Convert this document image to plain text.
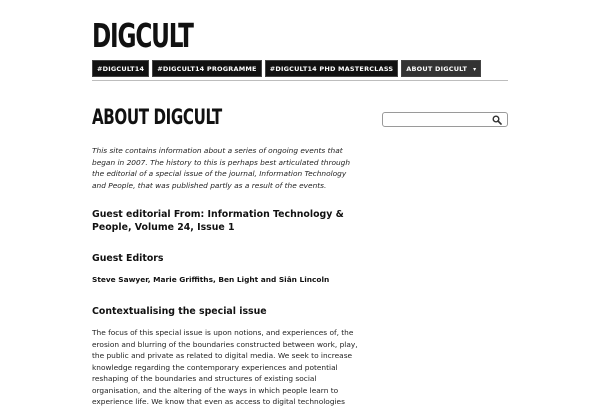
DIGCULT
#DIGCULT14	#DIGCULT14 PROGRAMME	#DIGCULT14 PHD MASTERCLASS	ABOUT DIGCULT ▾
ABOUT DIGCULT

This site contains information about a series of ongoing events that began in 2007. The history to this is perhaps best articulated through the editorial of a special issue of the journal, Information Technology and People, that was published partly as a result of the events.

Guest editorial From: Information Technology & People, Volume 24, Issue 1

Guest Editors

Steve Sawyer, Marie Griffiths, Ben Light and Siân Lincoln

Contextualising the special issue

The focus of this special issue is upon notions, and experiences of, the erosion and blurring of the boundaries constructed between work, play, the public and private as related to digital media. We seek to increase knowledge regarding the contemporary experiences and potential reshaping of the boundaries and structures of existing social organisation, and the altering of the ways in which people learn to experience life. We know that even as access to digital technologies
